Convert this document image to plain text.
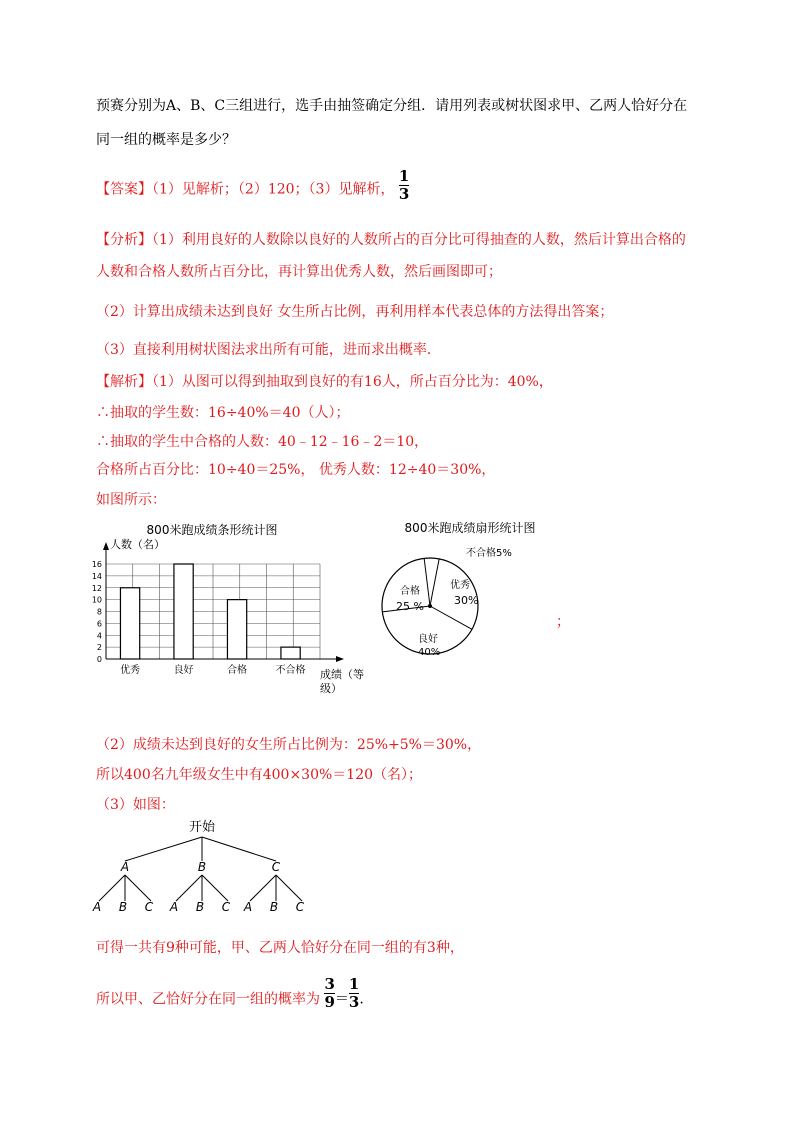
预赛分别为A、B、C三组进行，选手由抽签确定分组．请用列表或树状图求甲、乙两人恰好分在
同一组的概率是多少？
【答案】（1）见解析；（2）120；（3）见解析， $\frac{1}{3}$
【分析】（1）利用良好的人数除以良好的人数所占的百分比可得抽查的人数，然后计算出合格的
人数和合格人数所占百分比，再计算出优秀人数，然后画图即可；
（2）计算出成绩未达到良好 女生所占比例，再利用样本代表总体的方法得出答案；
（3）直接利用树状图法求出所有可能，进而求出概率．
【解析】（1）从图可以得到抽取到良好的有16人，所占百分比为：40%，
∴抽取的学生数：16÷40%＝40（人）；
∴抽取的学生中合格的人数：40﹣12﹣16﹣2＝10，
合格所占百分比：10÷40＝25%， 优秀人数：12÷40＝30%，
如图所示：
800米跑成绩条形统计图
人数（名）
0
2
4
6
8
10
12
14
16
优秀	良好	合格	不合格 成绩（等
级）
800米跑成绩扇形统计图
不合格5%
优秀
30%
合格
25 %
良好
40%
；
（2）成绩未达到良好的女生所占比例为：25%+5%＝30%，
所以400名九年级女生中有400×30%＝120（名）；
（3）如图：
开始
A	B	C
A B C A B C A B C
可得一共有9种可能，甲、乙两人恰好分在同一组的有3种，
所以甲、乙恰好分在同一组的概率为 $\frac{3}{9} = \frac{1}{3}$ .
